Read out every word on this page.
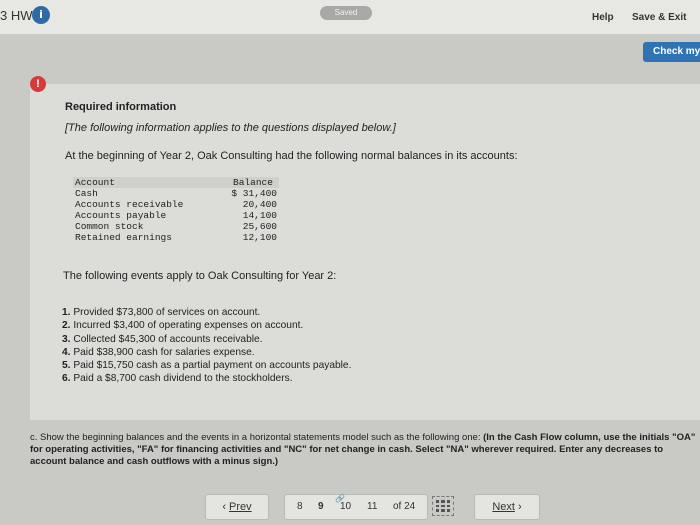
3 HW i	Saved	Help Save & Exit
Check my
!
Required information
[The following information applies to the questions displayed below.]
At the beginning of Year 2, Oak Consulting had the following normal balances in its accounts:
Account	Balance
Cash	$ 31,400
Accounts receivable	20,400
Accounts payable	14,100
Common stock	25,600
Retained earnings	12,100
The following events apply to Oak Consulting for Year 2:
1. Provided $73,800 of services on account.
2. Incurred $3,400 of operating expenses on account.
3. Collected $45,300 of accounts receivable.
4. Paid $38,900 cash for salaries expense.
5. Paid $15,750 cash as a partial payment on accounts payable.
6. Paid a $8,700 cash dividend to the stockholders.
c. Show the beginning balances and the events in a horizontal statements model such as the following one: (In the Cash Flow column, use the initials "OA" for operating activities, "FA" for financing activities and "NC" for net change in cash. Select "NA" wherever required. Enter any decreases to account balance and cash outflows with a minus sign.)
‹ Prev	8 9
🔗
10 11 of 24	Next ›
